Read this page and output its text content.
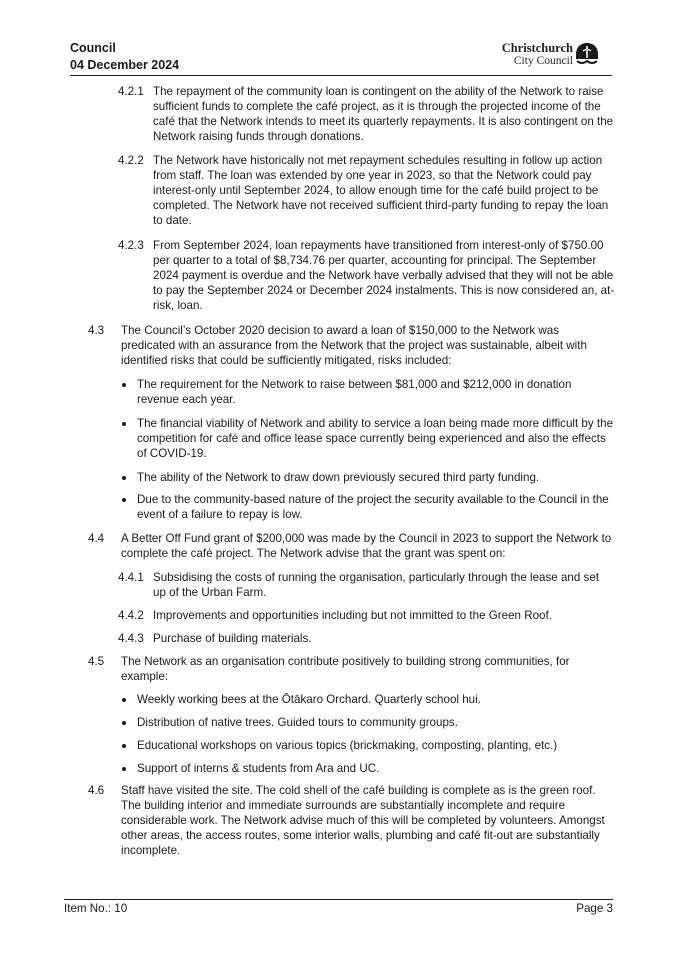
Council
04 December 2024
Christchurch
City Council
4.2.1 The repayment of the community loan is contingent on the ability of the Network to raise sufficient funds to complete the café project, as it is through the projected income of the café that the Network intends to meet its quarterly repayments. It is also contingent on the Network raising funds through donations.
4.2.2 The Network have historically not met repayment schedules resulting in follow up action from staff. The loan was extended by one year in 2023, so that the Network could pay interest-only until September 2024, to allow enough time for the café build project to be completed. The Network have not received sufficient third-party funding to repay the loan to date.
4.2.3 From September 2024, loan repayments have transitioned from interest-only of $750.00 per quarter to a total of $8,734.76 per quarter, accounting for principal. The September 2024 payment is overdue and the Network have verbally advised that they will not be able to pay the September 2024 or December 2024 instalments. This is now considered an, at-risk, loan.
4.3 The Council’s October 2020 decision to award a loan of $150,000 to the Network was predicated with an assurance from the Network that the project was sustainable, albeit with identified risks that could be sufficiently mitigated, risks included:
The requirement for the Network to raise between $81,000 and $212,000 in donation revenue each year.
The financial viability of Network and ability to service a loan being made more difficult by the competition for café and office lease space currently being experienced and also the effects of COVID-19.
The ability of the Network to draw down previously secured third party funding.
Due to the community-based nature of the project the security available to the Council in the event of a failure to repay is low.
4.4 A Better Off Fund grant of $200,000 was made by the Council in 2023 to support the Network to complete the café project. The Network advise that the grant was spent on:
4.4.1 Subsidising the costs of running the organisation, particularly through the lease and set up of the Urban Farm.
4.4.2 Improvements and opportunities including but not immitted to the Green Roof.
4.4.3 Purchase of building materials.
4.5 The Network as an organisation contribute positively to building strong communities, for example:
Weekly working bees at the Ōtākaro Orchard. Quarterly school hui.
Distribution of native trees. Guided tours to community groups.
Educational workshops on various topics (brickmaking, composting, planting, etc.)
Support of interns & students from Ara and UC.
4.6 Staff have visited the site. The cold shell of the café building is complete as is the green roof. The building interior and immediate surrounds are substantially incomplete and require considerable work. The Network advise much of this will be completed by volunteers. Amongst other areas, the access routes, some interior walls, plumbing and café fit-out are substantially incomplete.
Item No.: 10	Page 3
